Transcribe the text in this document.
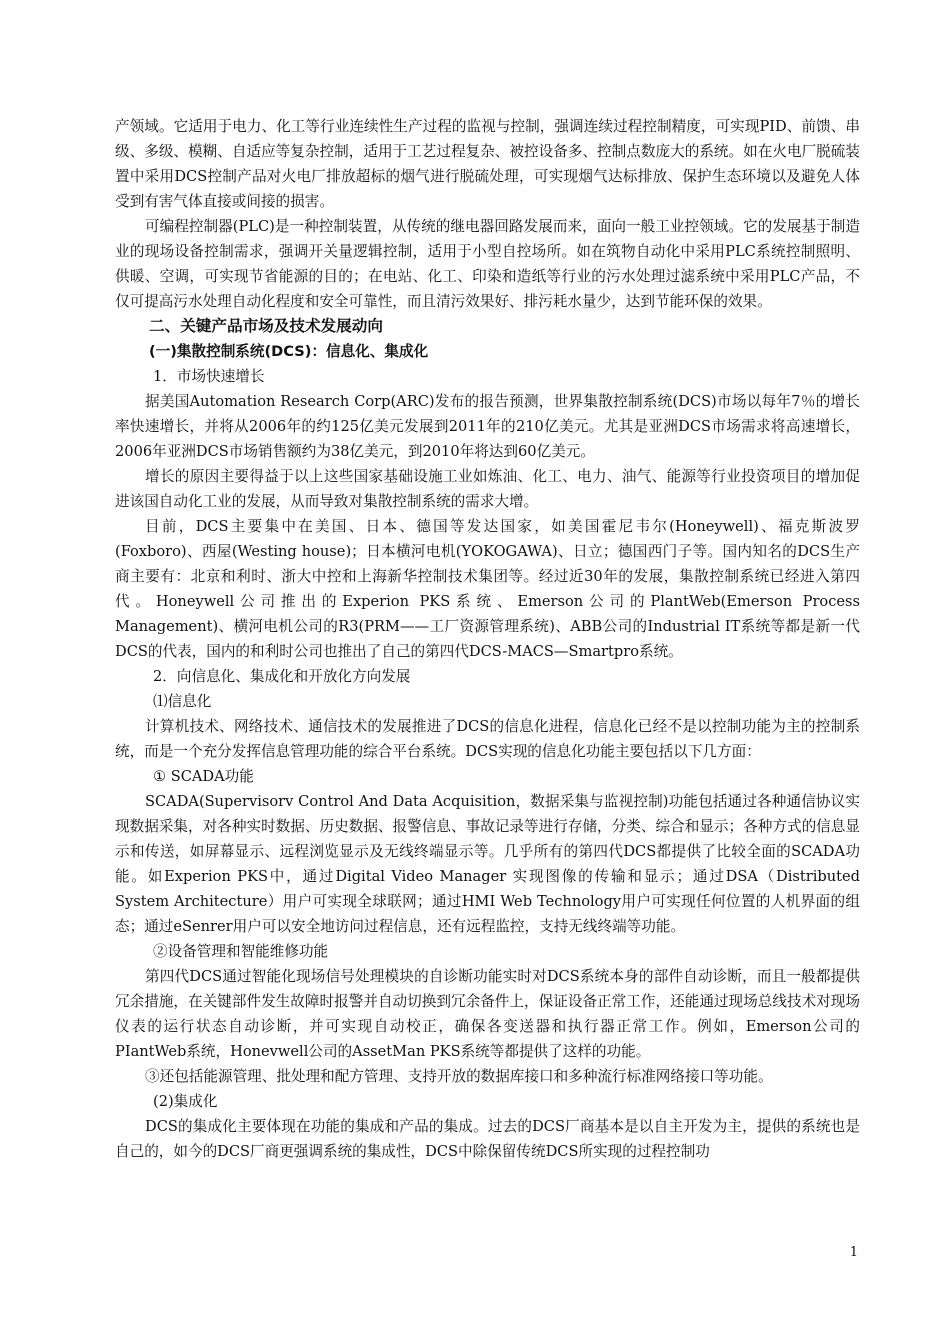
产领域。它适用于电力、化工等行业连续性生产过程的监视与控制，强调连续过程控制精度，可实现PID、前馈、串级、多级、模糊、自适应等复杂控制，适用于工艺过程复杂、被控设备多、控制点数庞大的系统。如在火电厂脱硫装置中采用DCS控制产品对火电厂排放超标的烟气进行脱硫处理，可实现烟气达标排放、保护生态环境以及避免人体受到有害气体直接或间接的损害。

可编程控制器(PLC)是一种控制装置，从传统的继电器回路发展而来，面向一般工业控领域。它的发展基于制造业的现场设备控制需求，强调开关量逻辑控制，适用于小型自控场所。如在筑物自动化中采用PLC系统控制照明、供暖、空调，可实现节省能源的目的；在电站、化工、印染和造纸等行业的污水处理过滤系统中采用PLC产品，不仅可提高污水处理自动化程度和安全可靠性，而且清污效果好、排污耗水量少，达到节能环保的效果。

二、关键产品市场及技术发展动向

(一)集散控制系统(DCS)：信息化、集成化

1．市场快速增长

据美国Automation Research Corp(ARC)发布的报告预测，世界集散控制系统(DCS)市场以每年7％的增长率快速增长，并将从2006年的约125亿美元发展到2011年的210亿美元。尤其是亚洲DCS市场需求将高速增长，2006年亚洲DCS市场销售额约为38亿美元，到2010年将达到60亿美元。

增长的原因主要得益于以上这些国家基础设施工业如炼油、化工、电力、油气、能源等行业投资项目的增加促进该国自动化工业的发展，从而导致对集散控制系统的需求大增。

目前，DCS主要集中在美国、日本、德国等发达国家，如美国霍尼韦尔(Honeywell)、福克斯波罗(Foxboro)、西屋(Westing house)；日本横河电机(YOKOGAWA)、日立；德国西门子等。国内知名的DCS生产商主要有：北京和利时、浙大中控和上海新华控制技术集团等。经过近30年的发展，集散控制系统已经进入第四代。Honeywell公司推出的Experion PKS系统、Emerson公司的PlantWeb(Emerson Process Management)、横河电机公司的R3(PRM——工厂资源管理系统)、ABB公司的Industrial IT系统等都是新一代DCS的代表，国内的和利时公司也推出了自己的第四代DCS-MACS—Smartpro系统。

2．向信息化、集成化和开放化方向发展

⑴信息化

计算机技术、网络技术、通信技术的发展推进了DCS的信息化进程，信息化已经不是以控制功能为主的控制系统，而是一个充分发挥信息管理功能的综合平台系统。DCS实现的信息化功能主要包括以下几方面：

① SCADA功能

SCADA(Supervisorv Control And Data Acquisition，数据采集与监视控制)功能包括通过各种通信协议实现数据采集，对各种实时数据、历史数据、报警信息、事故记录等进行存储，分类、综合和显示；各种方式的信息显示和传送，如屏幕显示、远程浏览显示及无线终端显示等。几乎所有的第四代DCS都提供了比较全面的SCADA功能。如Experion PKS中，通过Digital Video Manager 实现图像的传输和显示；通过DSA（Distributed System Architecture）用户可实现全球联网；通过HMI Web Technology用户可实现任何位置的人机界面的组态；通过eSenrer用户可以安全地访问过程信息，还有远程监控，支持无线终端等功能。

②设备管理和智能维修功能

第四代DCS通过智能化现场信号处理模块的自诊断功能实时对DCS系统本身的部件自动诊断，而且一般都提供冗余措施，在关键部件发生故障时报警并自动切换到冗余备件上，保证设备正常工作，还能通过现场总线技术对现场仪表的运行状态自动诊断，并可实现自动校正，确保各变送器和执行器正常工作。例如，Emerson公司的PIantWeb系统，Honevwell公司的AssetMan PKS系统等都提供了这样的功能。

③还包括能源管理、批处理和配方管理、支持开放的数据库接口和多种流行标准网络接口等功能。

(2)集成化

DCS的集成化主要体现在功能的集成和产品的集成。过去的DCS厂商基本是以自主开发为主，提供的系统也是自己的，如今的DCS厂商更强调系统的集成性，DCS中除保留传统DCS所实现的过程控制功

1
